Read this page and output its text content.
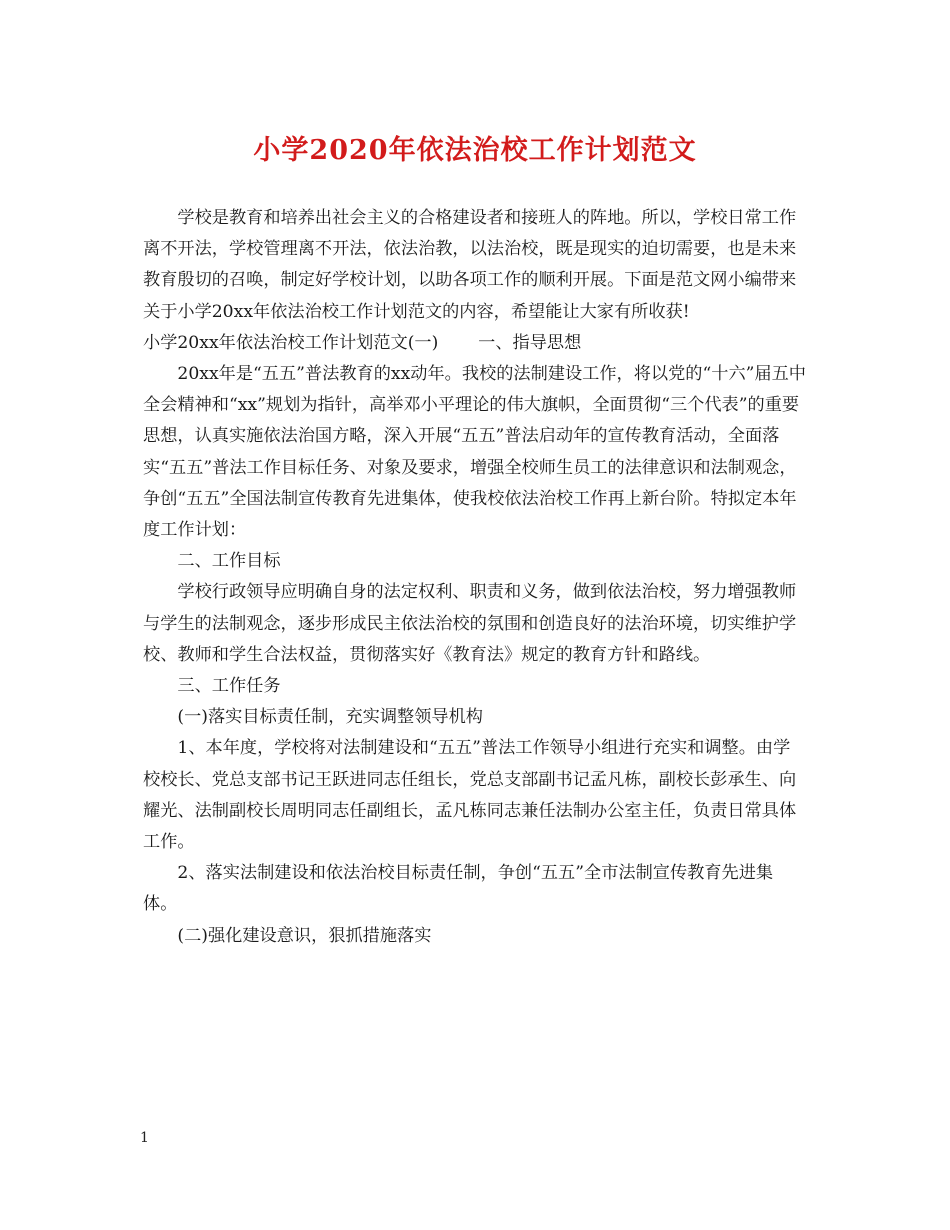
小学2020年依法治校工作计划范文

学校是教育和培养出社会主义的合格建设者和接班人的阵地。所以，学校日常工作离不开法，学校管理离不开法，依法治教，以法治校，既是现实的迫切需要，也是未来教育殷切的召唤，制定好学校计划，以助各项工作的顺利开展。下面是范文网小编带来关于小学20xx年依法治校工作计划范文的内容，希望能让大家有所收获!

小学20xx年依法治校工作计划范文(一)　　 一、指导思想

20xx年是“五五”普法教育的xx动年。我校的法制建设工作，将以党的“十六”届五中全会精神和“xx”规划为指针，高举邓小平理论的伟大旗帜，全面贯彻“三个代表”的重要思想，认真实施依法治国方略，深入开展“五五”普法启动年的宣传教育活动，全面落实“五五”普法工作目标任务、对象及要求，增强全校师生员工的法律意识和法制观念，争创“五五”全国法制宣传教育先进集体，使我校依法治校工作再上新台阶。特拟定本年度工作计划：

二、工作目标

学校行政领导应明确自身的法定权利、职责和义务，做到依法治校，努力增强教师与学生的法制观念，逐步形成民主依法治校的氛围和创造良好的法治环境，切实维护学校、教师和学生合法权益，贯彻落实好《教育法》规定的教育方针和路线。

三、工作任务

(一)落实目标责任制，充实调整领导机构

1、本年度，学校将对法制建设和“五五”普法工作领导小组进行充实和调整。由学校校长、党总支部书记王跃进同志任组长，党总支部副书记孟凡栋，副校长彭承生、向耀光、法制副校长周明同志任副组长，孟凡栋同志兼任法制办公室主任，负责日常具体工作。

2、落实法制建设和依法治校目标责任制，争创“五五”全市法制宣传教育先进集体。

(二)强化建设意识，狠抓措施落实

1
